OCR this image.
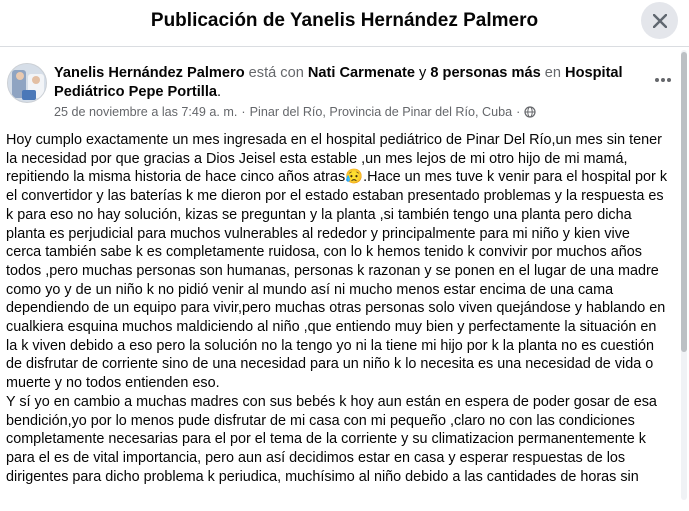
Publicación de Yanelis Hernández Palmero
Yanelis Hernández Palmero está con Nati Carmenate y 8 personas más en Hospital Pediátrico Pepe Portilla.
25 de noviembre a las 7:49 a. m. · Pinar del Río, Provincia de Pinar del Río, Cuba ·

Hoy cumplo exactamente un mes ingresada en el hospital pediátrico de Pinar Del Río,un mes sin tener la necesidad por que gracias a Dios Jeisel esta estable ,un mes lejos de mi otro hijo de mi mamá, repitiendo la misma historia de hace cinco años atras😥.Hace un mes tuve k venir para el hospital por k el convertidor y las baterías k me dieron por el estado estaban presentado problemas y la respuesta es k para eso no hay solución, kizas se preguntan y la planta ,si también tengo una planta pero dicha planta es perjudicial para muchos vulnerables al rededor y principalmente para mi niño y kien vive cerca también sabe k es completamente ruidosa, con lo k hemos tenido k convivir por muchos años todos ,pero muchas personas son humanas, personas k razonan y se ponen en el lugar de una madre como yo y de un niño k no pidió venir al mundo así ni mucho menos estar encima de una cama dependiendo de un equipo para vivir,pero muchas otras personas solo viven quejándose y hablando en cualkiera esquina muchos maldiciendo al niño ,que entiendo muy bien y perfectamente la situación en la k viven debido a eso pero la solución no la tengo yo ni la tiene mi hijo por k la planta no es cuestión de disfrutar de corriente sino de una necesidad para un niño k lo necesita es una necesidad de vida o muerte y no todos entienden eso.

Y sí yo en cambio a muchas madres con sus bebés k hoy aun están en espera de poder gosar de esa bendición,yo por lo menos pude disfrutar de mi casa con mi pequeño ,claro no con las condiciones completamente necesarias para el por el tema de la corriente y su climatizacion permanentemente k para el es de vital importancia, pero aun así decidimos estar en casa y esperar respuestas de los dirigentes para dicho problema k periudica, muchísimo al niño debido a las cantidades de horas sin
